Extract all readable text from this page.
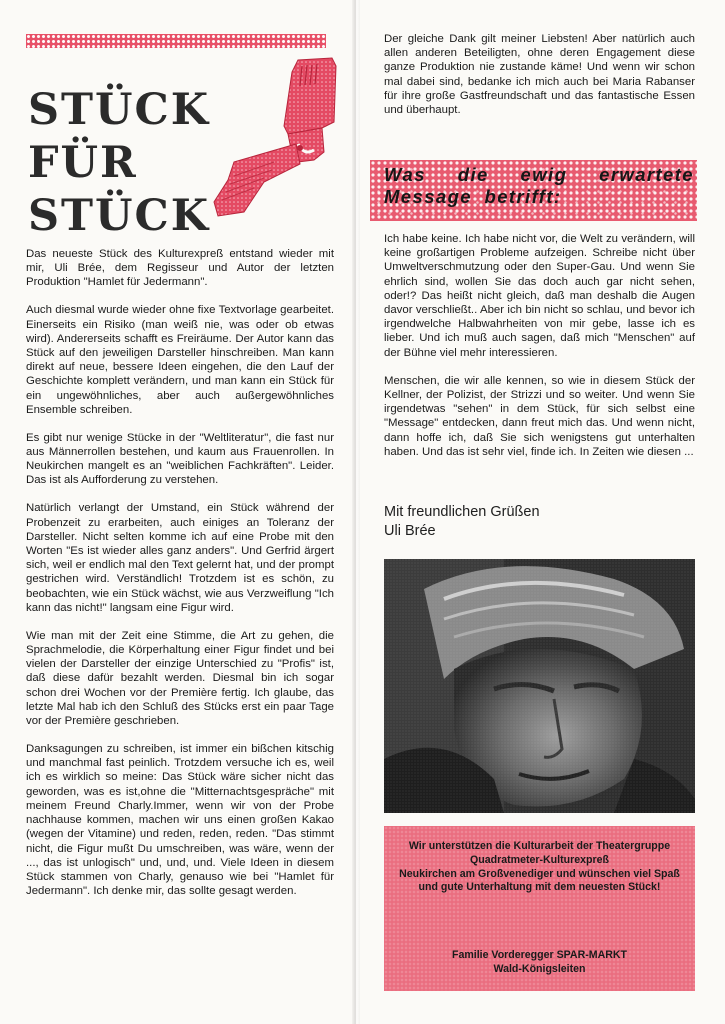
STÜCK
FÜR
STÜCK

Das neueste Stück des Kulturexpreß entstand wieder mit mir, Uli Brée, dem Regisseur und Autor der letzten Produktion "Hamlet für Jedermann".

Auch diesmal wurde wieder ohne fixe Textvorlage gearbeitet. Einerseits ein Risiko (man weiß nie, was oder ob etwas wird). Andererseits schafft es Freiräume. Der Autor kann das Stück auf den jeweiligen Darsteller hinschreiben. Man kann direkt auf neue, bessere Ideen eingehen, die den Lauf der Geschichte komplett verändern, und man kann ein Stück für ein ungewöhnliches, aber auch außergewöhnliches Ensemble schreiben.

Es gibt nur wenige Stücke in der "Weltliteratur", die fast nur aus Männerrollen bestehen, und kaum aus Frauenrollen. In Neukirchen mangelt es an "weiblichen Fachkräften". Leider. Das ist als Aufforderung zu verstehen.

Natürlich verlangt der Umstand, ein Stück während der Probenzeit zu erarbeiten, auch einiges an Toleranz der Darsteller. Nicht selten komme ich auf eine Probe mit den Worten "Es ist wieder alles ganz anders". Und Gerfrid ärgert sich, weil er endlich mal den Text gelernt hat, und der prompt gestrichen wird. Verständlich! Trotzdem ist es schön, zu beobachten, wie ein Stück wächst, wie aus Verzweiflung "Ich kann das nicht!" langsam eine Figur wird.

Wie man mit der Zeit eine Stimme, die Art zu gehen, die Sprachmelodie, die Körperhaltung einer Figur findet und bei vielen der Darsteller der einzige Unterschied zu "Profis" ist, daß diese dafür bezahlt werden. Diesmal bin ich sogar schon drei Wochen vor der Première fertig. Ich glaube, das letzte Mal hab ich den Schluß des Stücks erst ein paar Tage vor der Première geschrieben.

Danksagungen zu schreiben, ist immer ein bißchen kitschig und manchmal fast peinlich. Trotzdem versuche ich es, weil ich es wirklich so meine: Das Stück wäre sicher nicht das geworden, was es ist,ohne die "Mitternachtsgespräche" mit meinem Freund Charly.Immer, wenn wir von der Probe nachhause kommen, machen wir uns einen großen Kakao (wegen der Vitamine) und reden, reden, reden. "Das stimmt nicht, die Figur mußt Du umschreiben, was wäre, wenn der ..., das ist unlogisch" und, und, und. Viele Ideen in diesem Stück stammen von Charly, genauso wie bei "Hamlet für Jedermann". Ich denke mir, das sollte gesagt werden.

Der gleiche Dank gilt meiner Liebsten! Aber natürlich auch allen anderen Beteiligten, ohne deren Engagement diese ganze Produktion nie zustande käme! Und wenn wir schon mal dabei sind, bedanke ich mich auch bei Maria Rabanser für ihre große Gastfreundschaft und das fantastische Essen und überhaupt.

Was die ewig erwartete Message betrifft:

Ich habe keine. Ich habe nicht vor, die Welt zu verändern, will keine großartigen Probleme aufzeigen. Schreibe nicht über Umweltverschmutzung oder den Super-Gau. Und wenn Sie ehrlich sind, wollen Sie das doch auch gar nicht sehen, oder!? Das heißt nicht gleich, daß man deshalb die Augen davor verschließt.. Aber ich bin nicht so schlau, und bevor ich irgendwelche Halbwahrheiten von mir gebe, lasse ich es lieber. Und ich muß auch sagen, daß mich "Menschen" auf der Bühne viel mehr interessieren.

Menschen, die wir alle kennen, so wie in diesem Stück der Kellner, der Polizist, der Strizzi und so weiter. Und wenn Sie irgendetwas "sehen" in dem Stück, für sich selbst eine "Message" entdecken, dann freut mich das. Und wenn nicht, dann hoffe ich, daß Sie sich wenigstens gut unterhalten haben. Und das ist sehr viel, finde ich. In Zeiten wie diesen ...

Mit freundlichen Grüßen
Uli Brée
Wir unterstützen die Kulturarbeit der Theatergruppe
Quadratmeter-Kulturexpreß
Neukirchen am Großvenediger und wünschen viel Spaß
und gute Unterhaltung mit dem neuesten Stück!
Familie Vorderegger SPAR-MARKT
Wald-Königsleiten
